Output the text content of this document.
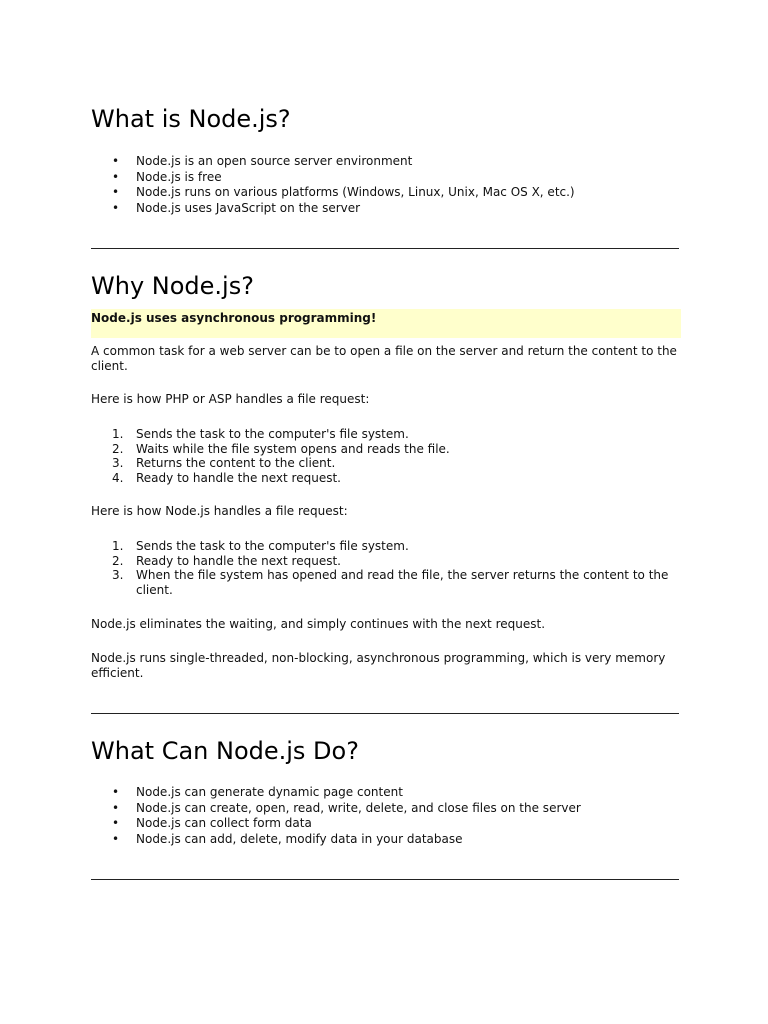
What is Node.js?
• Node.js is an open source server environment
• Node.js is free
• Node.js runs on various platforms (Windows, Linux, Unix, Mac OS X, etc.)
• Node.js uses JavaScript on the server
Why Node.js?
Node.js uses asynchronous programming!

A common task for a web server can be to open a file on the server and return the content to the client.

Here is how PHP or ASP handles a file request:

Sends the task to the computer's file system.
Waits while the file system opens and reads the file.
Returns the content to the client.
Ready to handle the next request.

Here is how Node.js handles a file request:

Sends the task to the computer's file system.
Ready to handle the next request.
When the file system has opened and read the file, the server returns the content to the client.

Node.js eliminates the waiting, and simply continues with the next request.

Node.js runs single-threaded, non-blocking, asynchronous programming, which is very memory efficient.

What Can Node.js Do?
• Node.js can generate dynamic page content
• Node.js can create, open, read, write, delete, and close files on the server
• Node.js can collect form data
• Node.js can add, delete, modify data in your database
